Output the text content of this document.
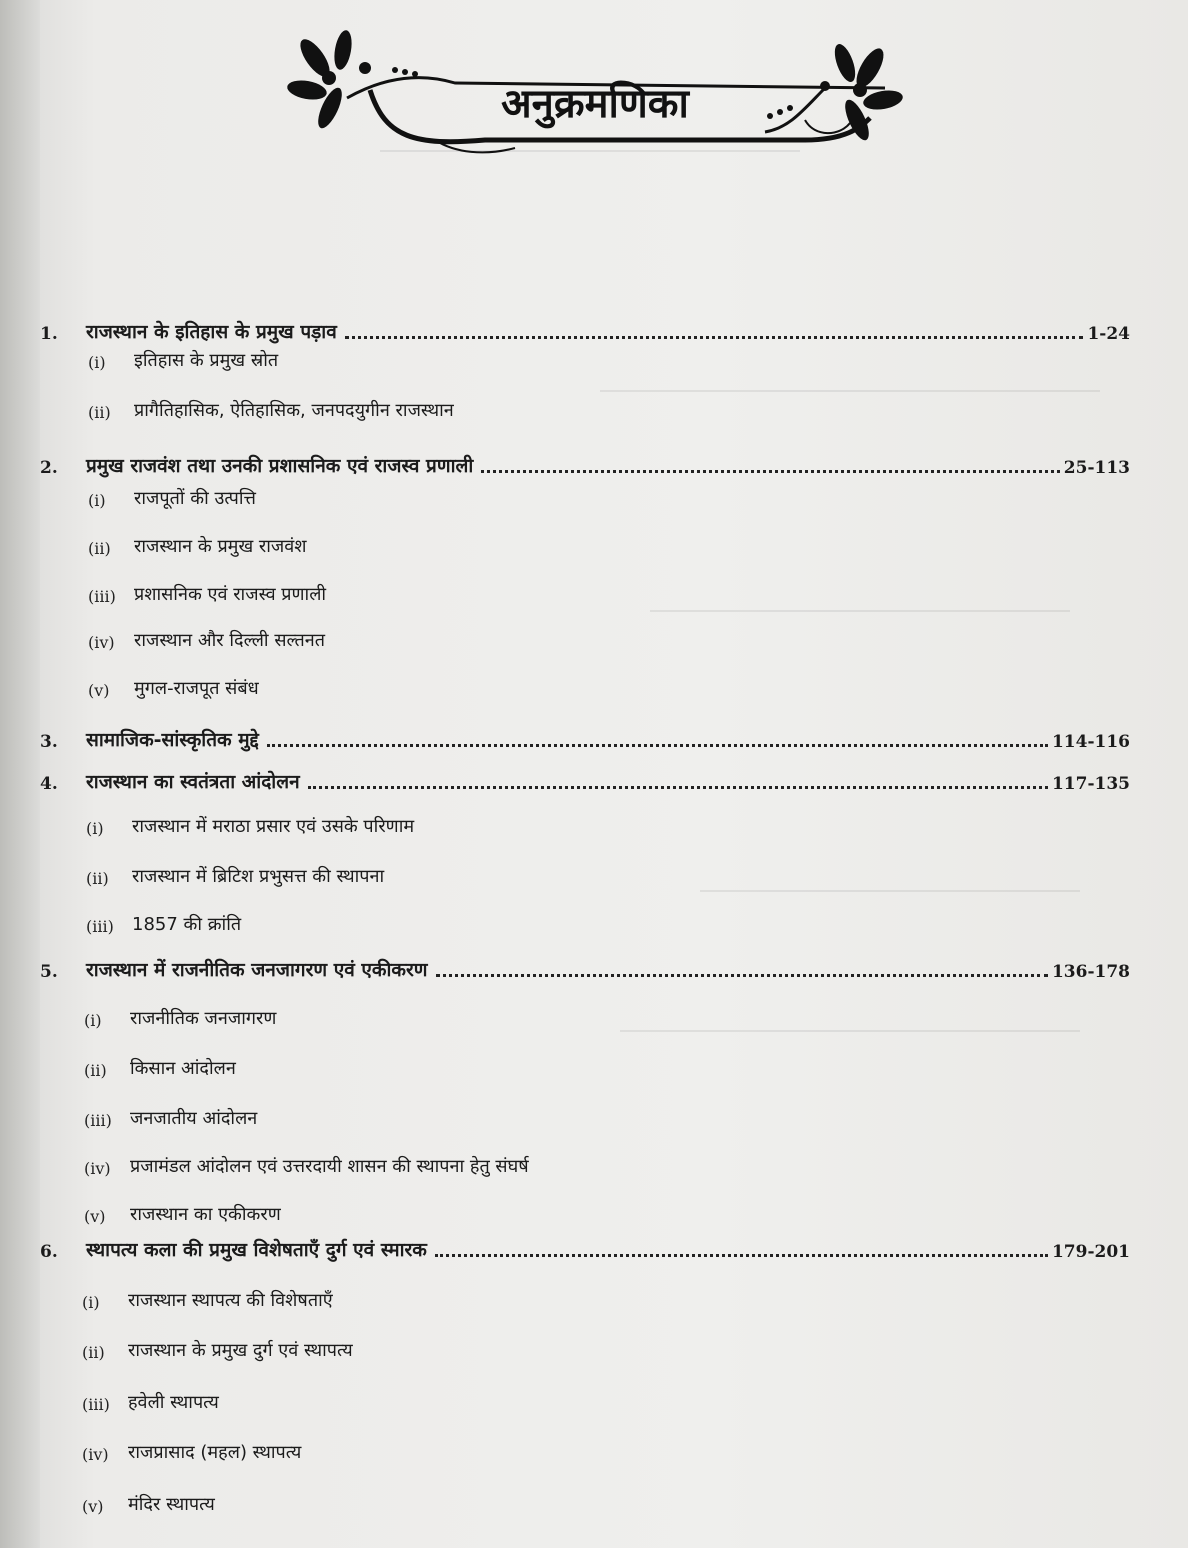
अनुक्रमणिका
1.	राजस्थान के इतिहास के प्रमुख पड़ाव	1-24
(i)	इतिहास के प्रमुख स्रोत
(ii)	प्रागैतिहासिक, ऐतिहासिक, जनपदयुगीन राजस्थान
2.	प्रमुख राजवंश तथा उनकी प्रशासनिक एवं राजस्व प्रणाली	25-113
(i)	राजपूतों की उत्पत्ति
(ii)	राजस्थान के प्रमुख राजवंश
(iii)	प्रशासनिक एवं राजस्व प्रणाली
(iv)	राजस्थान और दिल्ली सल्तनत
(v)	मुगल-राजपूत संबंध
3.	सामाजिक-सांस्कृतिक मुद्दे	114-116
4.	राजस्थान का स्वतंत्रता आंदोलन	117-135
(i)	राजस्थान में मराठा प्रसार एवं उसके परिणाम
(ii)	राजस्थान में ब्रिटिश प्रभुसत्त की स्थापना
(iii)	1857 की क्रांति
5.	राजस्थान में राजनीतिक जनजागरण एवं एकीकरण	136-178
(i)	राजनीतिक जनजागरण
(ii)	किसान आंदोलन
(iii)	जनजातीय आंदोलन
(iv)	प्रजामंडल आंदोलन एवं उत्तरदायी शासन की स्थापना हेतु संघर्ष
(v)	राजस्थान का एकीकरण
6.	स्थापत्य कला की प्रमुख विशेषताएँ दुर्ग एवं स्मारक	179-201
(i)	राजस्थान स्थापत्य की विशेषताएँ
(ii)	राजस्थान के प्रमुख दुर्ग एवं स्थापत्य
(iii)	हवेली स्थापत्य
(iv)	राजप्रासाद (महल) स्थापत्य
(v)	मंदिर स्थापत्य
